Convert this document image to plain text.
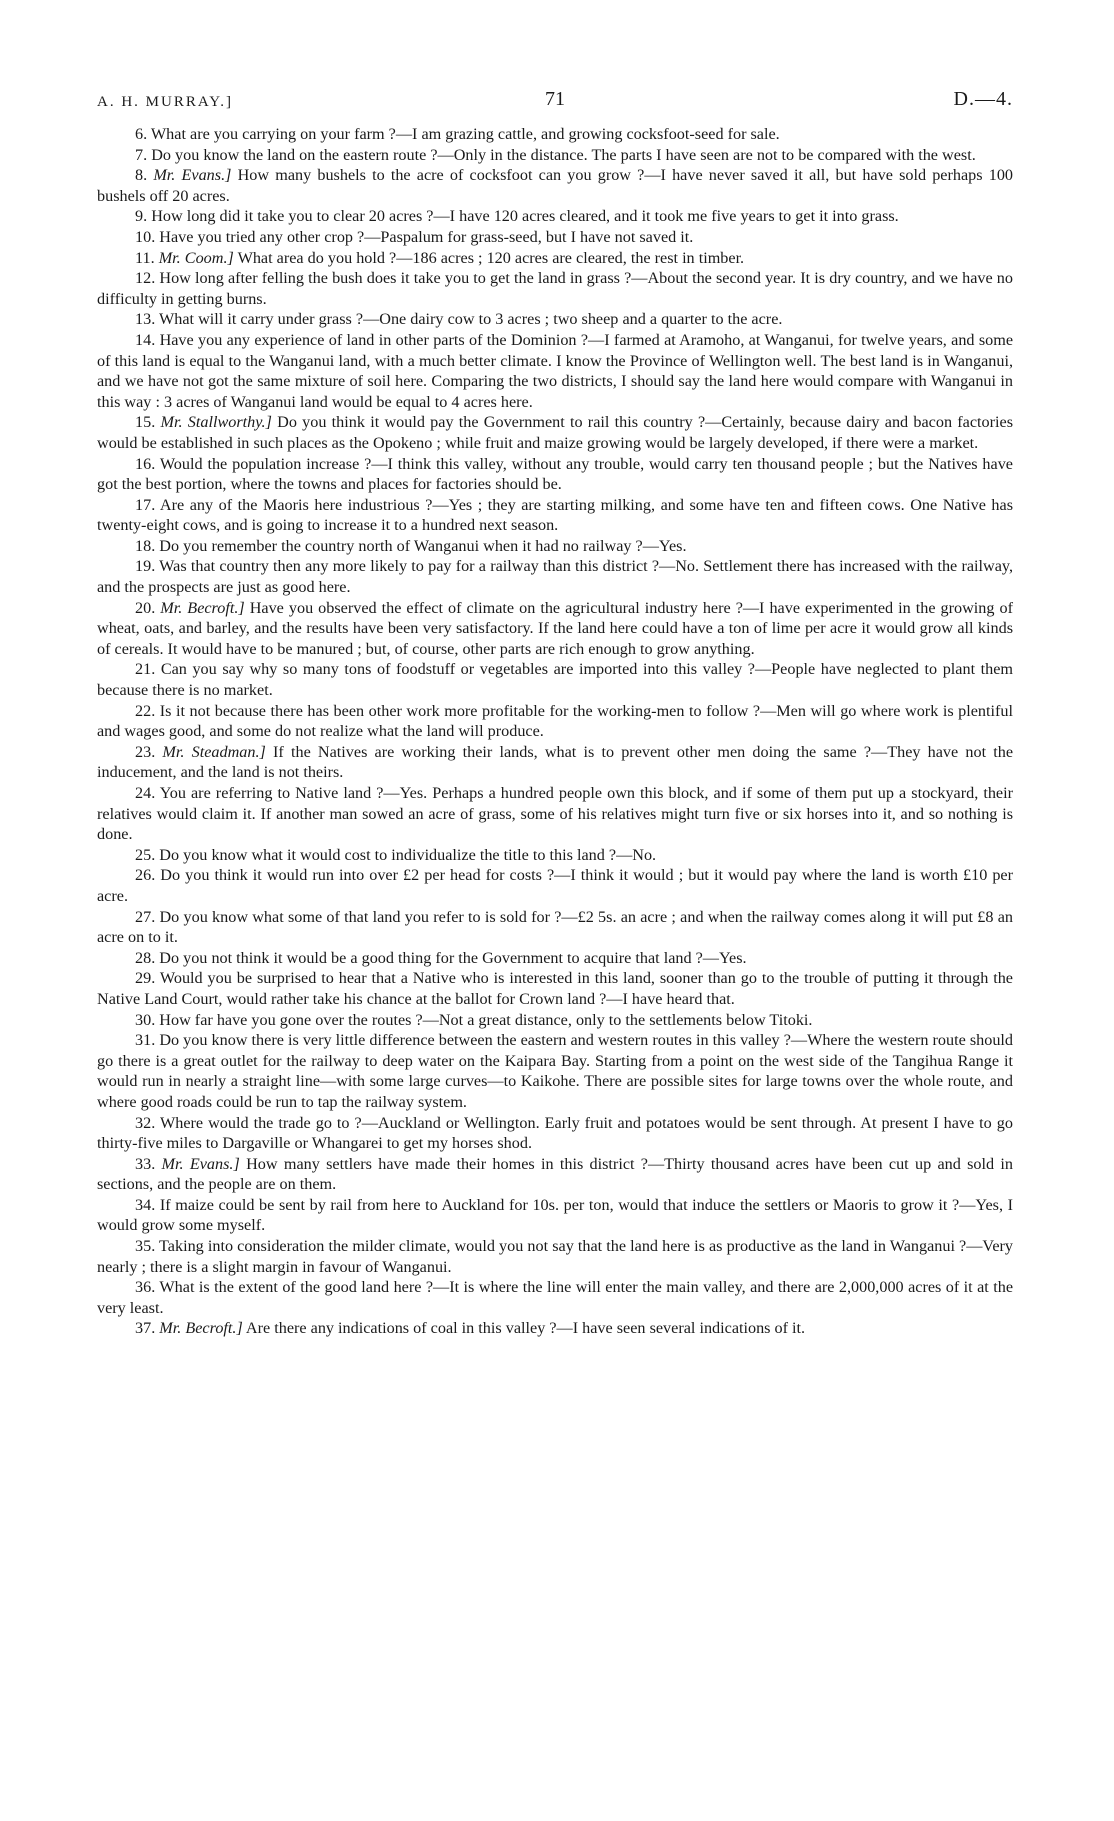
A. H. MURRAY.]	71	D.—4.

6. What are you carrying on your farm ?—I am grazing cattle, and growing cocksfoot-seed for sale.

7. Do you know the land on the eastern route ?—Only in the distance. The parts I have seen are not to be compared with the west.

8. Mr. Evans.] How many bushels to the acre of cocksfoot can you grow ?—I have never saved it all, but have sold perhaps 100 bushels off 20 acres.

9. How long did it take you to clear 20 acres ?—I have 120 acres cleared, and it took me five years to get it into grass.

10. Have you tried any other crop ?—Paspalum for grass-seed, but I have not saved it.

11. Mr. Coom.] What area do you hold ?—186 acres ; 120 acres are cleared, the rest in timber.

12. How long after felling the bush does it take you to get the land in grass ?—About the second year. It is dry country, and we have no difficulty in getting burns.

13. What will it carry under grass ?—One dairy cow to 3 acres ; two sheep and a quarter to the acre.

14. Have you any experience of land in other parts of the Dominion ?—I farmed at Aramoho, at Wanganui, for twelve years, and some of this land is equal to the Wanganui land, with a much better climate. I know the Province of Wellington well. The best land is in Wanganui, and we have not got the same mixture of soil here. Comparing the two districts, I should say the land here would compare with Wanganui in this way : 3 acres of Wanganui land would be equal to 4 acres here.

15. Mr. Stallworthy.] Do you think it would pay the Government to rail this country ?—Certainly, because dairy and bacon factories would be established in such places as the Opokeno ; while fruit and maize growing would be largely developed, if there were a market.

16. Would the population increase ?—I think this valley, without any trouble, would carry ten thousand people ; but the Natives have got the best portion, where the towns and places for factories should be.

17. Are any of the Maoris here industrious ?—Yes ; they are starting milking, and some have ten and fifteen cows. One Native has twenty-eight cows, and is going to increase it to a hundred next season.

18. Do you remember the country north of Wanganui when it had no railway ?—Yes.

19. Was that country then any more likely to pay for a railway than this district ?—No. Settlement there has increased with the railway, and the prospects are just as good here.

20. Mr. Becroft.] Have you observed the effect of climate on the agricultural industry here ?—I have experimented in the growing of wheat, oats, and barley, and the results have been very satisfactory. If the land here could have a ton of lime per acre it would grow all kinds of cereals. It would have to be manured ; but, of course, other parts are rich enough to grow anything.

21. Can you say why so many tons of foodstuff or vegetables are imported into this valley ?—People have neglected to plant them because there is no market.

22. Is it not because there has been other work more profitable for the working-men to follow ?—Men will go where work is plentiful and wages good, and some do not realize what the land will produce.

23. Mr. Steadman.] If the Natives are working their lands, what is to prevent other men doing the same ?—They have not the inducement, and the land is not theirs.

24. You are referring to Native land ?—Yes. Perhaps a hundred people own this block, and if some of them put up a stockyard, their relatives would claim it. If another man sowed an acre of grass, some of his relatives might turn five or six horses into it, and so nothing is done.

25. Do you know what it would cost to individualize the title to this land ?—No.

26. Do you think it would run into over £2 per head for costs ?—I think it would ; but it would pay where the land is worth £10 per acre.

27. Do you know what some of that land you refer to is sold for ?—£2 5s. an acre ; and when the railway comes along it will put £8 an acre on to it.

28. Do you not think it would be a good thing for the Government to acquire that land ?—Yes.

29. Would you be surprised to hear that a Native who is interested in this land, sooner than go to the trouble of putting it through the Native Land Court, would rather take his chance at the ballot for Crown land ?—I have heard that.

30. How far have you gone over the routes ?—Not a great distance, only to the settlements below Titoki.

31. Do you know there is very little difference between the eastern and western routes in this valley ?—Where the western route should go there is a great outlet for the railway to deep water on the Kaipara Bay. Starting from a point on the west side of the Tangihua Range it would run in nearly a straight line—with some large curves—to Kaikohe. There are possible sites for large towns over the whole route, and where good roads could be run to tap the railway system.

32. Where would the trade go to ?—Auckland or Wellington. Early fruit and potatoes would be sent through. At present I have to go thirty-five miles to Dargaville or Whangarei to get my horses shod.

33. Mr. Evans.] How many settlers have made their homes in this district ?—Thirty thousand acres have been cut up and sold in sections, and the people are on them.

34. If maize could be sent by rail from here to Auckland for 10s. per ton, would that induce the settlers or Maoris to grow it ?—Yes, I would grow some myself.

35. Taking into consideration the milder climate, would you not say that the land here is as productive as the land in Wanganui ?—Very nearly ; there is a slight margin in favour of Wanganui.

36. What is the extent of the good land here ?—It is where the line will enter the main valley, and there are 2,000,000 acres of it at the very least.

37. Mr. Becroft.] Are there any indications of coal in this valley ?—I have seen several indications of it.
